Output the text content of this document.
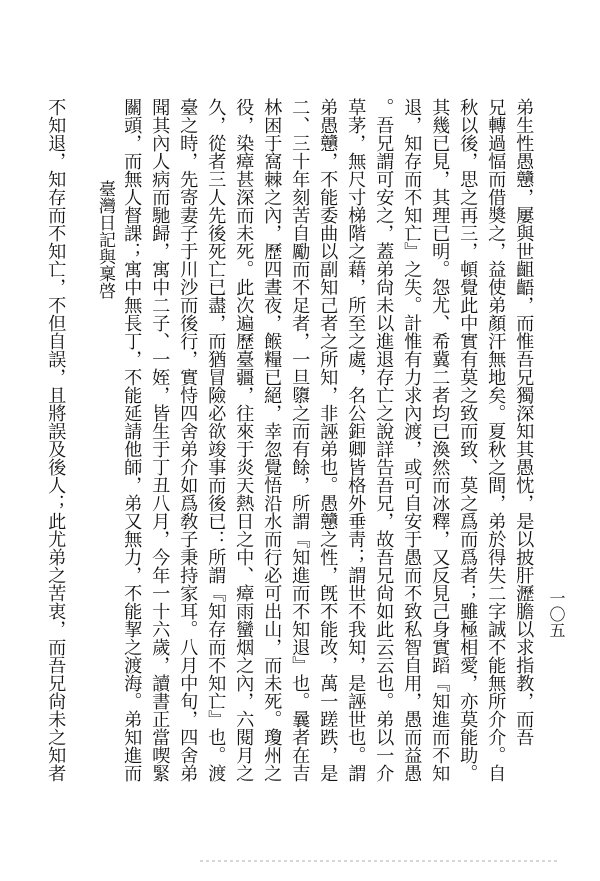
臺灣日記與稟啓
一〇五
弟生性愚戇，屢與世齟齬，而惟吾兄獨深知其愚忱，是以披肝瀝膽以求指教，而吾
兄轉過愊而借奬之，益使弟顏汗無地矣。夏秋之間，弟於得失二字誠不能無所介介。自
秋以後，思之再三，頓覺此中實有莫之致而致、莫之爲而爲者；雖極相愛，亦莫能助。
其幾已見，其理已明。怨尤、希冀二者均已渙然而冰釋，又反見己身實蹈『知進而不知
退，知存而不知亡』之失。計惟有力求內渡，或可自安于愚而不致私智自用，愚而益愚
。吾兄謂可安之，蓋弟尙未以進退存亡之說詳告吾兄，故吾兄尙如此云云也。弟以一介
草茅，無尺寸梯階之藉，所至之處，名公鉅卿皆格外垂靑；謂世不我知，是誣世也。謂
弟愚戇，不能委曲以副知己者之所知，非誣弟也。愚戇之性，旣不能改，萬一蹉跌，是
二、三十年刻苦自勵而不足者，一旦隳之而有餘，所謂『知進而不知退』也。曩者在吉
林困于窩棘之內，歷四晝夜，餱糧已絕，幸忽覺悟沿水而行必可出山，而未死。瓊州之
役，染瘴甚深而未死。此次遍歷臺疆，往來于炎天熱日之中、瘴雨蠻烟之內，六閱月之
久，從者三人先後死亡已盡，而猶冒險必欲竣事而後已：所謂『知存而不知亡』也。渡
臺之時，先寄妻子于川沙而後行，實恃四舍弟介如爲敎子秉持家耳。八月中旬，四舍弟
聞其內人病而馳歸，寓中二子、一姪，皆生于丁丑八月，今年一十六歲，讀書正當喫緊
關頭，而無人督課；寓中無長丁，不能延請他師，弟又無力，不能挈之渡海。弟知進而
不知退，知存而不知亡，不但自誤，且將誤及後人；此尤弟之苦衷，而吾兄尙未之知者
